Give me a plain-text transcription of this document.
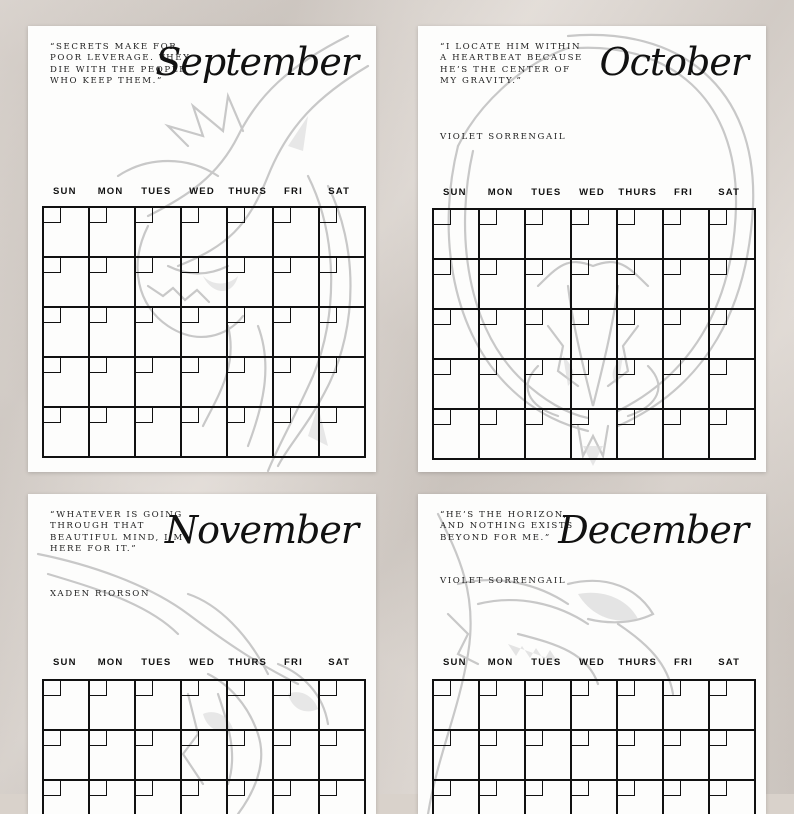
“SECRETS MAKE FOR POOR LEVERAGE. THEY DIE WITH THE PEOPLE WHO KEEP THEM.”

September
SUN	MON	TUES	WED	THURS	FRI	SAT

“I LOCATE HIM WITHIN A HEARTBEAT BECAUSE HE’S THE CENTER OF MY GRAVITY.”

VIOLET SORRENGAIL

October
SUN	MON	TUES	WED	THURS	FRI	SAT

“WHATEVER IS GOING THROUGH THAT BEAUTIFUL MIND, I’M HERE FOR IT.”

XADEN RIORSON

November
SUN	MON	TUES	WED	THURS	FRI	SAT

“HE’S THE HORIZON, AND NOTHING EXISTS BEYOND FOR ME.”

VIOLET SORRENGAIL

December
SUN	MON	TUES	WED	THURS	FRI	SAT
